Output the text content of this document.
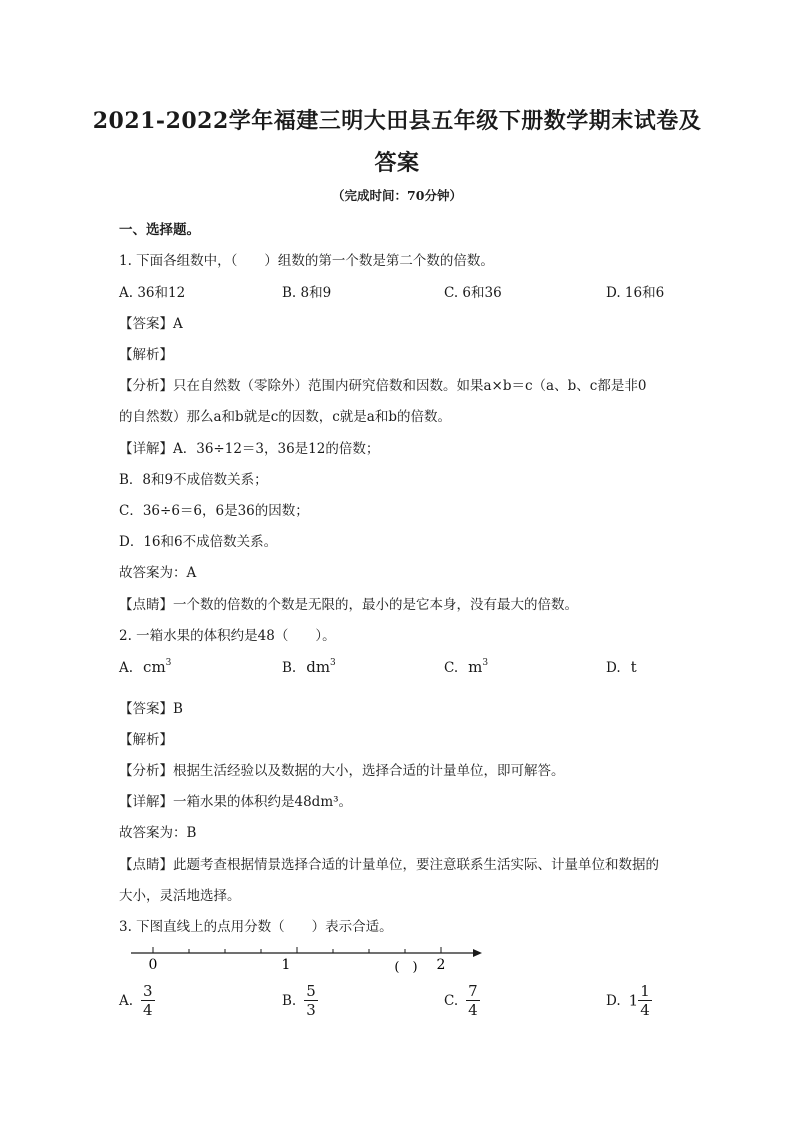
2021-2022学年福建三明大田县五年级下册数学期末试卷及
答案
（完成时间：70分钟）
一、选择题。
1. 下面各组数中，（　　）组数的第一个数是第二个数的倍数。
A. 36和12	B. 8和9	C. 6和36	D. 16和6
【答案】A
【解析】
【分析】只在自然数（零除外）范围内研究倍数和因数。如果a×b＝c（a、b、c都是非0
的自然数）那么a和b就是c的因数，c就是a和b的倍数。
【详解】A．36÷12＝3，36是12的倍数；
B．8和9不成倍数关系；
C．36÷6＝6，6是36的因数；
D．16和6不成倍数关系。
故答案为：A
【点睛】一个数的倍数的个数是无限的，最小的是它本身，没有最大的倍数。
2. 一箱水果的体积约是48（　　）。
A. $cm^3$	B. $dm^3$	C. $m^3$	D. t
【答案】B
【解析】
【分析】根据生活经验以及数据的大小，选择合适的计量单位，即可解答。
【详解】一箱水果的体积约是48dm³。
故答案为：B
【点睛】此题考查根据情景选择合适的计量单位，要注意联系生活实际、计量单位和数据的
大小，灵活地选择。
3. 下图直线上的点用分数（　　）表示合适。
0	1	2
(　)
A. $\frac{3}{4}$	B. $\frac{5}{3}$	C. $\frac{7}{4}$	D. $1 \frac{1}{4}$
